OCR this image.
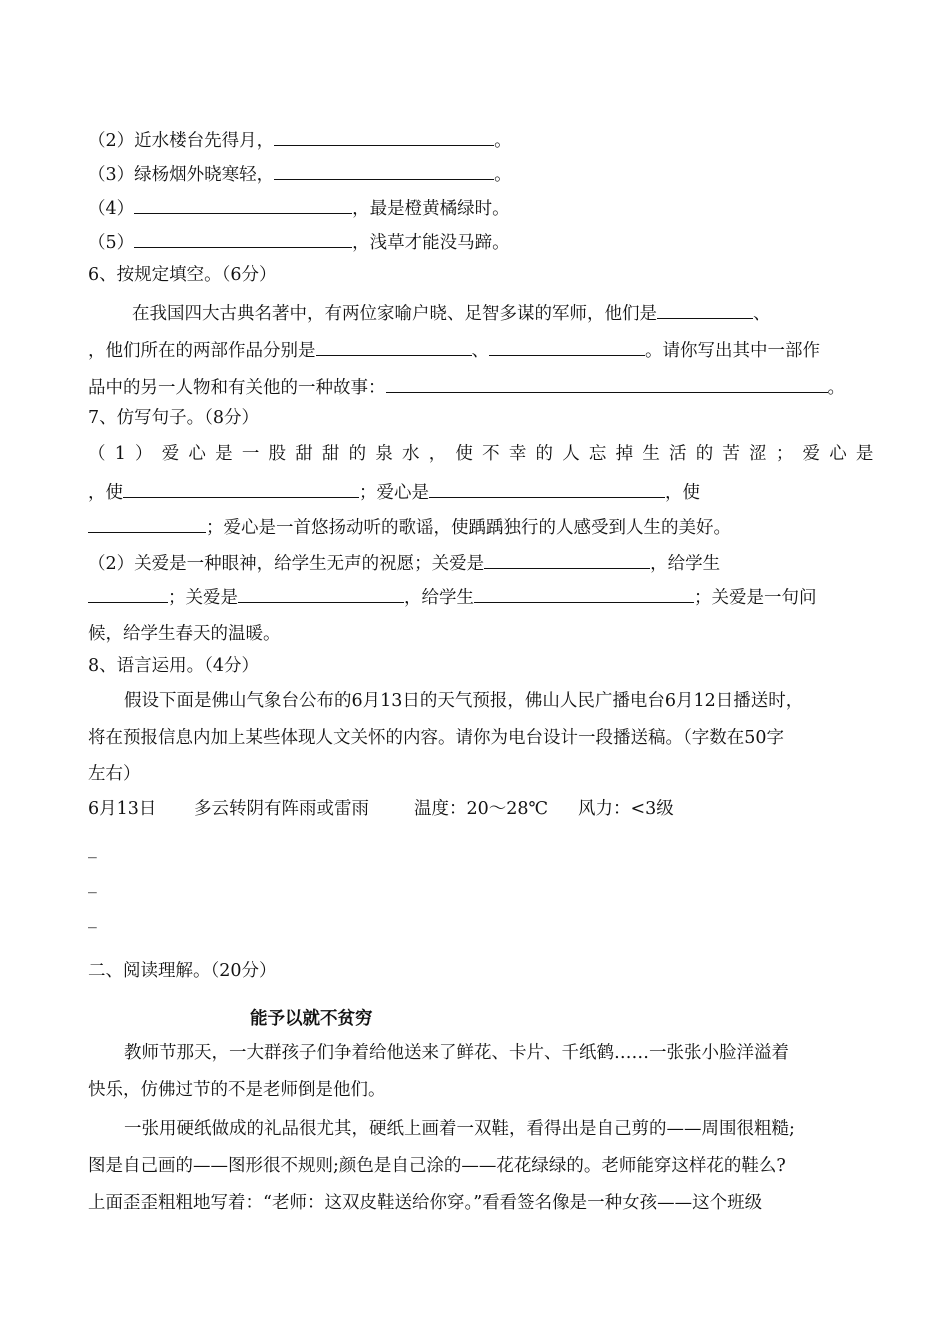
（2）近水楼台先得月，	。
（3）绿杨烟外晓寒轻，	。
（4）	，最是橙黄橘绿时。
（5）	，浅草才能没马蹄。
6、按规定填空。（6分）
在我国四大古典名著中，有两位家喻户晓、足智多谋的军师，他们是	、
，他们所在的两部作品分别是	、	。请你写出其中一部作
品中的另一人物和有关他的一种故事：	。
7、仿写句子。（8分）
（1）爱心是一股甜甜的泉水，使不幸的人忘掉生活的苦涩；爱心是
，使	；爱心是	，使
；爱心是一首悠扬动听的歌谣，使踽踽独行的人感受到人生的美好。
（2）关爱是一种眼神，给学生无声的祝愿；关爱是	，给学生
；关爱是	，给学生	；关爱是一句问
候，给学生春天的温暖。
8、语言运用。（4分）
假设下面是佛山气象台公布的6月13日的天气预报，佛山人民广播电台6月12日播送时，
将在预报信息内加上某些体现人文关怀的内容。请你为电台设计一段播送稿。（字数在50字
左右）
6月13日 多云转阴有阵雨或雷雨	温度：20～28℃ 风力：<3级
_
_
_
二、阅读理解。（20分）
能予以就不贫穷
教师节那天，一大群孩子们争着给他送来了鲜花、卡片、千纸鹤……一张张小脸洋溢着
快乐，仿佛过节的不是老师倒是他们。
一张用硬纸做成的礼品很尤其，硬纸上画着一双鞋，看得出是自己剪的——周围很粗糙;
图是自己画的——图形很不规则;颜色是自己涂的——花花绿绿的。老师能穿这样花的鞋么?
上面歪歪粗粗地写着：“老师：这双皮鞋送给你穿。”看看签名像是一种女孩——这个班级
